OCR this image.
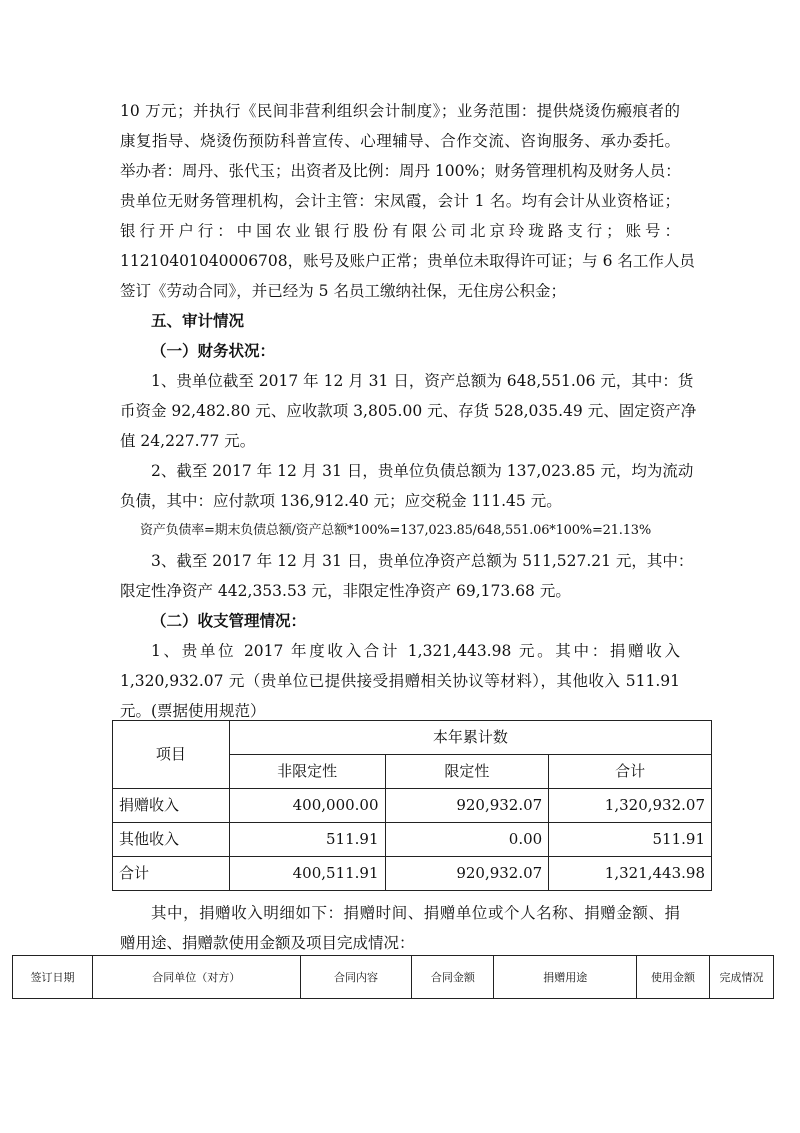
10 万元；并执行《民间非营利组织会计制度》；业务范围：提供烧烫伤瘢痕者的
康复指导、烧烫伤预防科普宣传、心理辅导、合作交流、咨询服务、承办委托。
举办者：周丹、张代玉；出资者及比例：周丹 100%；财务管理机构及财务人员：
贵单位无财务管理机构，会计主管：宋凤霞，会计 1 名。均有会计从业资格证；
银行开户行：中国农业银行股份有限公司北京玲珑路支行；账号：
11210401040006708，账号及账户正常；贵单位未取得许可证；与 6 名工作人员
签订《劳动合同》，并已经为 5 名员工缴纳社保，无住房公积金；
五、审计情况
（一）财务状况：
1、贵单位截至 2017 年 12 月 31 日，资产总额为 648,551.06 元，其中：货
币资金 92,482.80 元、应收款项 3,805.00 元、存货 528,035.49 元、固定资产净
值 24,227.77 元。
2、截至 2017 年 12 月 31 日，贵单位负债总额为 137,023.85 元，均为流动
负债，其中：应付款项 136,912.40 元；应交税金 111.45 元。
资产负债率=期末负债总额/资产总额*100%=137,023.85/648,551.06*100%=21.13%
3、截至 2017 年 12 月 31 日，贵单位净资产总额为 511,527.21 元，其中：
限定性净资产 442,353.53 元，非限定性净资产 69,173.68 元。
（二）收支管理情况：
1、贵单位 2017 年度收入合计 1,321,443.98 元。其中：捐赠收入
1,320,932.07 元（贵单位已提供接受捐赠相关协议等材料），其他收入 511.91
元。(票据使用规范）
项目	本年累计数		
	非限定性	限定性	合计
捐赠收入	400,000.00	920,932.07	1,320,932.07
其他收入	511.91	0.00	511.91
合计	400,511.91	920,932.07	1,321,443.98
其中，捐赠收入明细如下：捐赠时间、捐赠单位或个人名称、捐赠金额、捐
赠用途、捐赠款使用金额及项目完成情况：
签订日期	合同单位（对方）	合同内容	合同金额	捐赠用途	使用金额	完成情况
